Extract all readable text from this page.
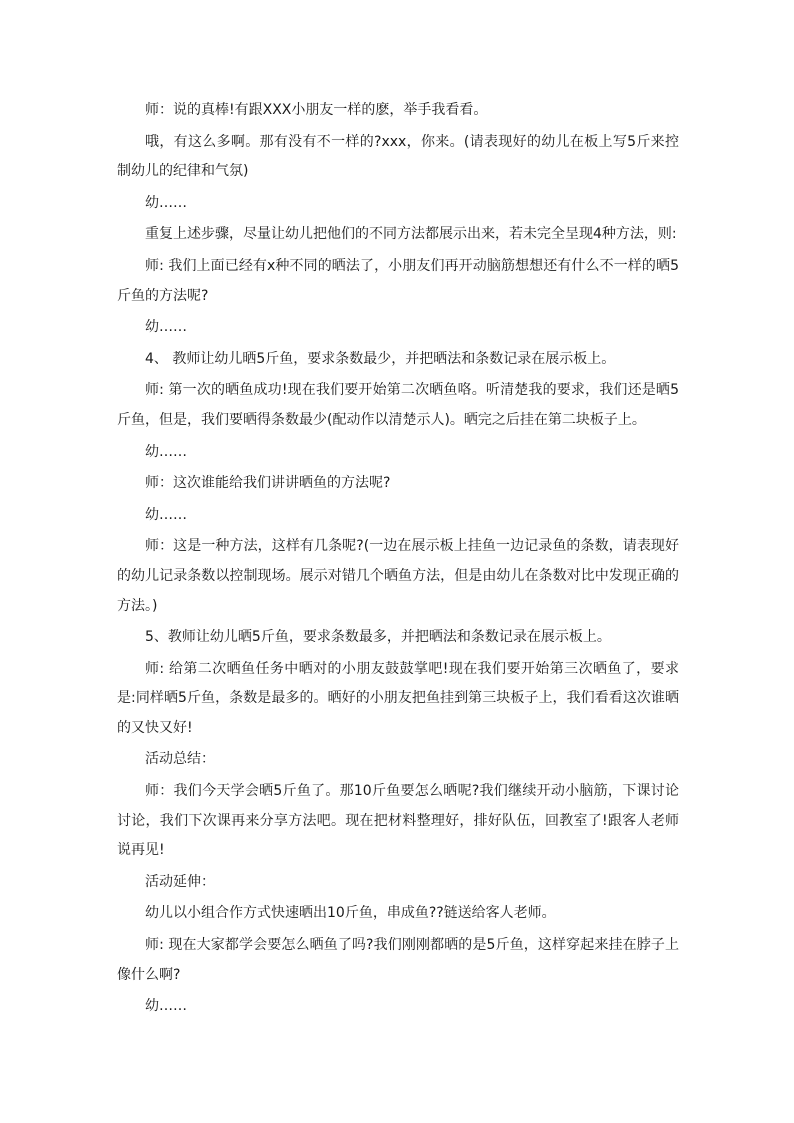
师：说的真棒!有跟XXX小朋友一样的麽，举手我看看。

哦，有这么多啊。那有没有不一样的?xxx，你来。(请表现好的幼儿在板上写5斤来控制幼儿的纪律和气氛)

幼……

重复上述步骤，尽量让幼儿把他们的不同方法都展示出来，若未完全呈现4种方法，则:

师: 我们上面已经有x种不同的晒法了，小朋友们再开动脑筋想想还有什么不一样的晒5斤鱼的方法呢?

幼……

4、 教师让幼儿晒5斤鱼，要求条数最少，并把晒法和条数记录在展示板上。

师: 第一次的晒鱼成功!现在我们要开始第二次晒鱼咯。听清楚我的要求，我们还是晒5斤鱼，但是，我们要晒得条数最少(配动作以清楚示人)。晒完之后挂在第二块板子上。

幼……

师：这次谁能给我们讲讲晒鱼的方法呢?

幼……

师：这是一种方法，这样有几条呢?(一边在展示板上挂鱼一边记录鱼的条数，请表现好的幼儿记录条数以控制现场。展示对错几个晒鱼方法，但是由幼儿在条数对比中发现正确的方法。)

5、教师让幼儿晒5斤鱼，要求条数最多，并把晒法和条数记录在展示板上。

师: 给第二次晒鱼任务中晒对的小朋友鼓鼓掌吧!现在我们要开始第三次晒鱼了，要求是:同样晒5斤鱼，条数是最多的。晒好的小朋友把鱼挂到第三块板子上，我们看看这次谁晒的又快又好!

活动总结：

师：我们今天学会晒5斤鱼了。那10斤鱼要怎么晒呢?我们继续开动小脑筋，下课讨论讨论，我们下次课再来分享方法吧。现在把材料整理好，排好队伍，回教室了!跟客人老师说再见!

活动延伸：

幼儿以小组合作方式快速晒出10斤鱼，串成鱼??链送给客人老师。

师: 现在大家都学会要怎么晒鱼了吗?我们刚刚都晒的是5斤鱼，这样穿起来挂在脖子上像什么啊?

幼……
